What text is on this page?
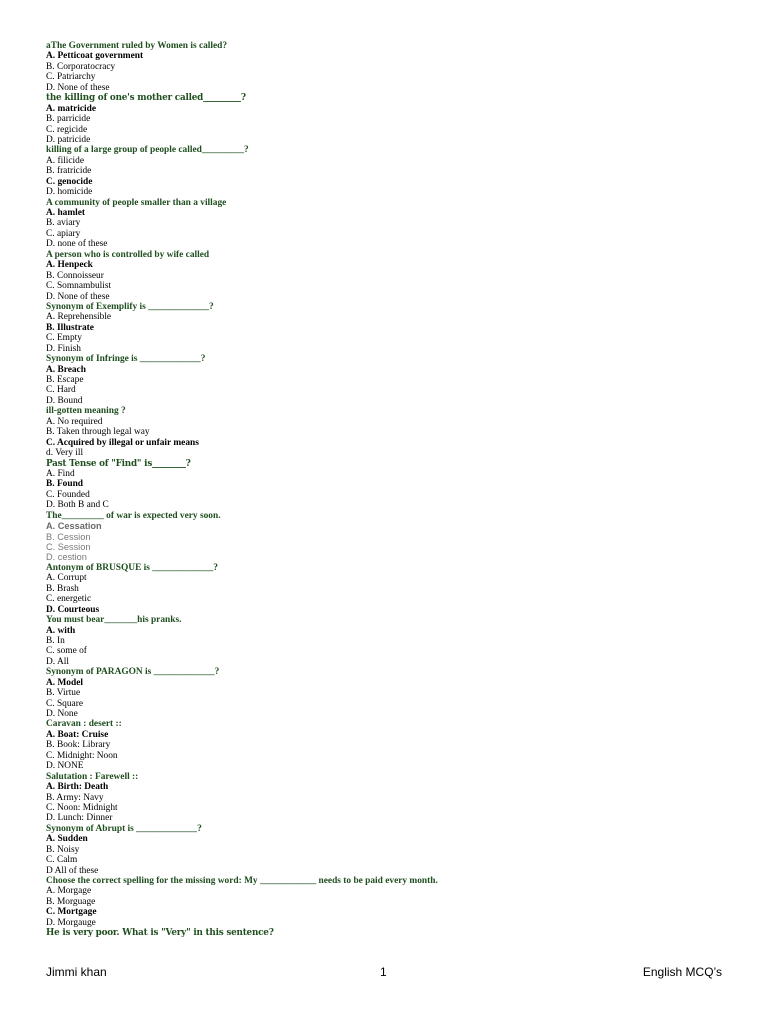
aThe Government ruled by Women is called?
A. Petticoat government
B. Corporatocracy
C. Patriarchy
D. None of these
the killing of one's mother called_________?
A. matricide
B. parricide
C. regicide
D. patricide
killing of a large group of people called_________?
A. filicide
B. fratricide
C. genocide
D. homicide
A community of people smaller than a village
A. hamlet
B. aviary
C. apiary
D. none of these
A person who is controlled by wife called
A. Henpeck
B. Connoisseur
C. Somnambulist
D. None of these
Synonym of Exemplify is _____________?
A. Reprehensible
B. Illustrate
C. Empty
D. Finish
Synonym of Infringe is _____________?
A. Breach
B. Escape
C. Hard
D. Bound
ill-gotten meaning ?
A. No required
B. Taken through legal way
C. Acquired by illegal or unfair means
d. Very ill
Past Tense of "Find" is________?
A. Find
B. Found
C. Founded
D. Both B and C
The_________ of war is expected very soon.
A. Cessation
B. Cession
C. Session
D. cestion
Antonym of BRUSQUE is _____________?
A. Corrupt
B. Brash
C. energetic
D. Courteous
You must bear_______his pranks.
A. with
B. In
C. some of
D. All
Synonym of PARAGON is _____________?
A. Model
B. Virtue
C. Square
D. None
Caravan : desert ::
A. Boat: Cruise
B. Book: Library
C. Midnight: Noon
D. NONE
Salutation : Farewell ::
A. Birth: Death
B. Army: Navy
C. Noon: Midnight
D. Lunch: Dinner
Synonym of Abrupt is _____________?
A. Sudden
B. Noisy
C. Calm
D All of these
Choose the correct spelling for the missing word: My ____________ needs to be paid every month.
A. Morgage
B. Morguage
C. Mortgage
D. Morgauge
He is very poor. What is "Very" in this sentence?
Jimmi khan	1	English MCQ’s
